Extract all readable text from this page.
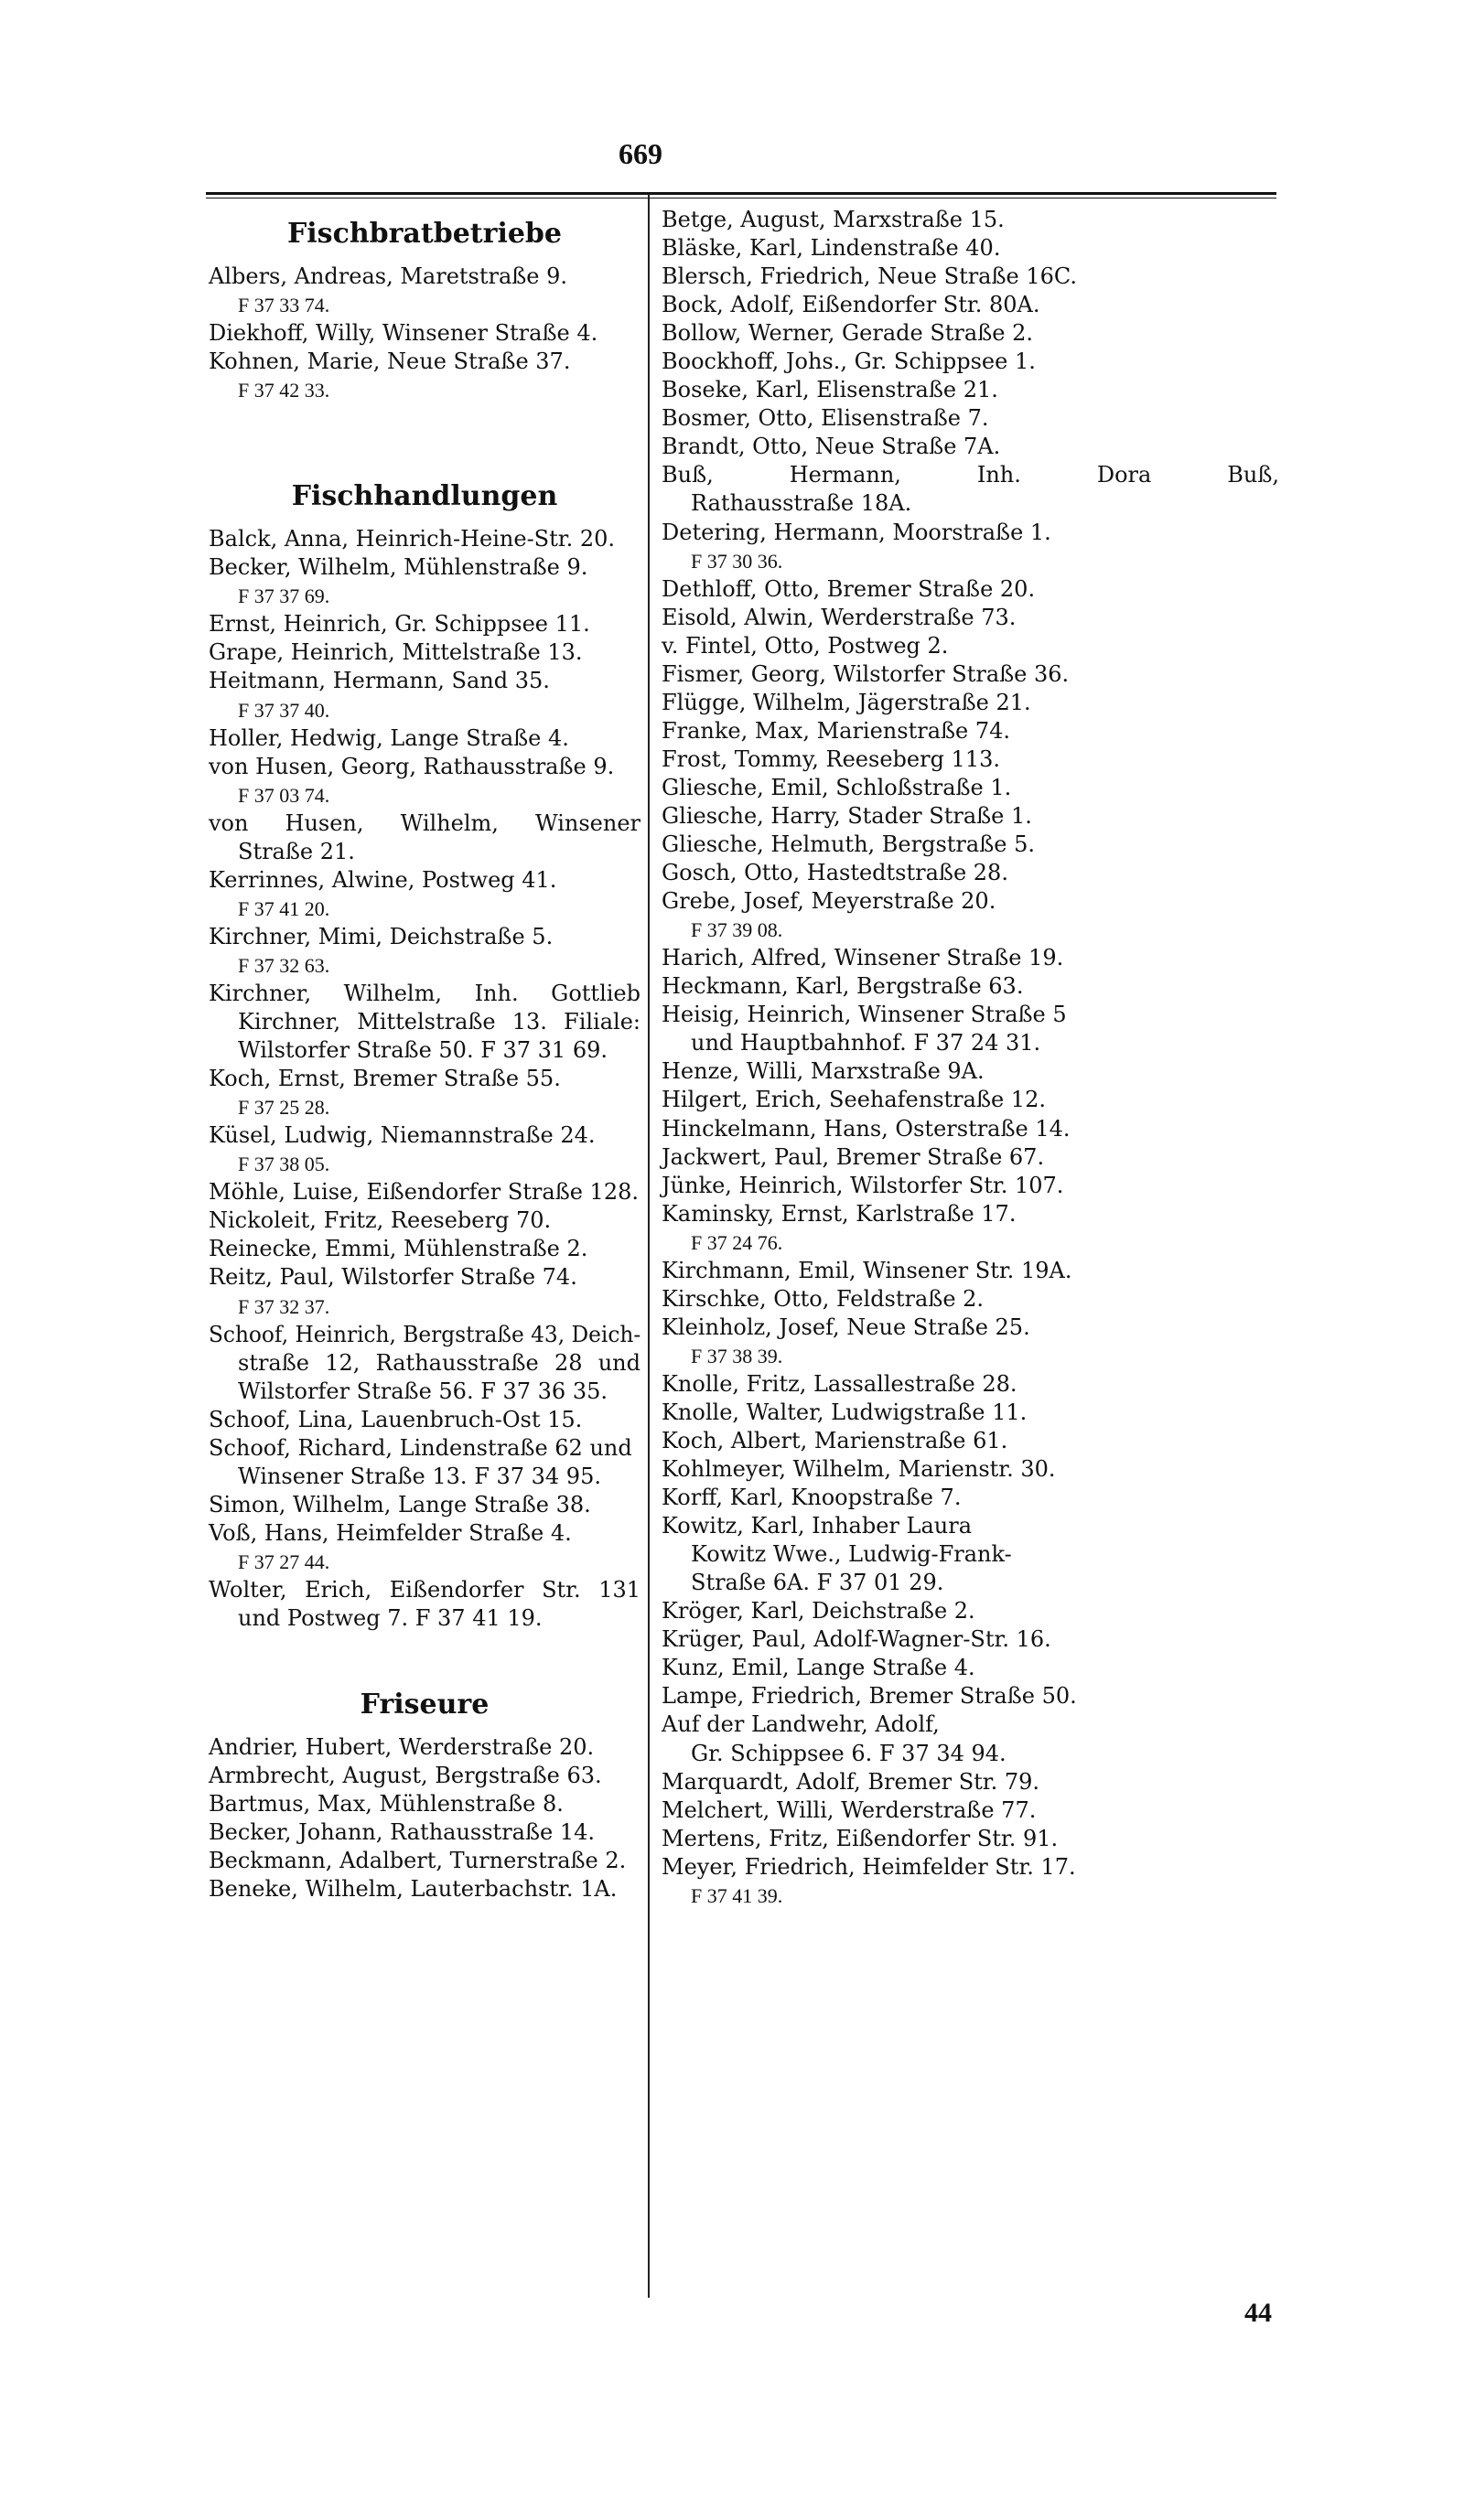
669
Fischbratbetriebe
Albers, Andreas, Maretstraße 9.
F 37 33 74.
Diekhoff, Willy, Winsener Straße 4.
Kohnen, Marie, Neue Straße 37.
F 37 42 33.
Fischhandlungen
Balck, Anna, Heinrich-Heine-Str. 20.
Becker, Wilhelm, Mühlenstraße 9.
F 37 37 69.
Ernst, Heinrich, Gr. Schippsee 11.
Grape, Heinrich, Mittelstraße 13.
Heitmann, Hermann, Sand 35.
F 37 37 40.
Holler, Hedwig, Lange Straße 4.
von Husen, Georg, Rathausstraße 9.
F 37 03 74.
von Husen, Wilhelm, Winsener
Straße 21.
Kerrinnes, Alwine, Postweg 41.
F 37 41 20.
Kirchner, Mimi, Deichstraße 5.
F 37 32 63.
Kirchner, Wilhelm, Inh. Gottlieb
Kirchner, Mittelstraße 13. Filiale:
Wilstorfer Straße 50. F 37 31 69.
Koch, Ernst, Bremer Straße 55.
F 37 25 28.
Küsel, Ludwig, Niemannstraße 24.
F 37 38 05.
Möhle, Luise, Eißendorfer Straße 128.
Nickoleit, Fritz, Reeseberg 70.
Reinecke, Emmi, Mühlenstraße 2.
Reitz, Paul, Wilstorfer Straße 74.
F 37 32 37.
Schoof, Heinrich, Bergstraße 43, Deich-
straße 12, Rathausstraße 28 und
Wilstorfer Straße 56. F 37 36 35.
Schoof, Lina, Lauenbruch-Ost 15.
Schoof, Richard, Lindenstraße 62 und
Winsener Straße 13. F 37 34 95.
Simon, Wilhelm, Lange Straße 38.
Voß, Hans, Heimfelder Straße 4.
F 37 27 44.
Wolter, Erich, Eißendorfer Str. 131
und Postweg 7. F 37 41 19.
Friseure
Andrier, Hubert, Werderstraße 20.
Armbrecht, August, Bergstraße 63.
Bartmus, Max, Mühlenstraße 8.
Becker, Johann, Rathausstraße 14.
Beckmann, Adalbert, Turnerstraße 2.
Beneke, Wilhelm, Lauterbachstr. 1A.
Betge, August, Marxstraße 15.
Bläske, Karl, Lindenstraße 40.
Blersch, Friedrich, Neue Straße 16C.
Bock, Adolf, Eißendorfer Str. 80A.
Bollow, Werner, Gerade Straße 2.
Boockhoff, Johs., Gr. Schippsee 1.
Boseke, Karl, Elisenstraße 21.
Bosmer, Otto, Elisenstraße 7.
Brandt, Otto, Neue Straße 7A.
Buß, Hermann, Inh. Dora Buß,
Rathausstraße 18A.
Detering, Hermann, Moorstraße 1.
F 37 30 36.
Dethloff, Otto, Bremer Straße 20.
Eisold, Alwin, Werderstraße 73.
v. Fintel, Otto, Postweg 2.
Fismer, Georg, Wilstorfer Straße 36.
Flügge, Wilhelm, Jägerstraße 21.
Franke, Max, Marienstraße 74.
Frost, Tommy, Reeseberg 113.
Gliesche, Emil, Schloßstraße 1.
Gliesche, Harry, Stader Straße 1.
Gliesche, Helmuth, Bergstraße 5.
Gosch, Otto, Hastedtstraße 28.
Grebe, Josef, Meyerstraße 20.
F 37 39 08.
Harich, Alfred, Winsener Straße 19.
Heckmann, Karl, Bergstraße 63.
Heisig, Heinrich, Winsener Straße 5
und Hauptbahnhof. F 37 24 31.
Henze, Willi, Marxstraße 9A.
Hilgert, Erich, Seehafenstraße 12.
Hinckelmann, Hans, Osterstraße 14.
Jackwert, Paul, Bremer Straße 67.
Jünke, Heinrich, Wilstorfer Str. 107.
Kaminsky, Ernst, Karlstraße 17.
F 37 24 76.
Kirchmann, Emil, Winsener Str. 19A.
Kirschke, Otto, Feldstraße 2.
Kleinholz, Josef, Neue Straße 25.
F 37 38 39.
Knolle, Fritz, Lassallestraße 28.
Knolle, Walter, Ludwigstraße 11.
Koch, Albert, Marienstraße 61.
Kohlmeyer, Wilhelm, Marienstr. 30.
Korff, Karl, Knoopstraße 7.
Kowitz, Karl, Inhaber Laura
Kowitz Wwe., Ludwig-Frank-
Straße 6A. F 37 01 29.
Kröger, Karl, Deichstraße 2.
Krüger, Paul, Adolf-Wagner-Str. 16.
Kunz, Emil, Lange Straße 4.
Lampe, Friedrich, Bremer Straße 50.
Auf der Landwehr, Adolf,
Gr. Schippsee 6. F 37 34 94.
Marquardt, Adolf, Bremer Str. 79.
Melchert, Willi, Werderstraße 77.
Mertens, Fritz, Eißendorfer Str. 91.
Meyer, Friedrich, Heimfelder Str. 17.
F 37 41 39.
44
